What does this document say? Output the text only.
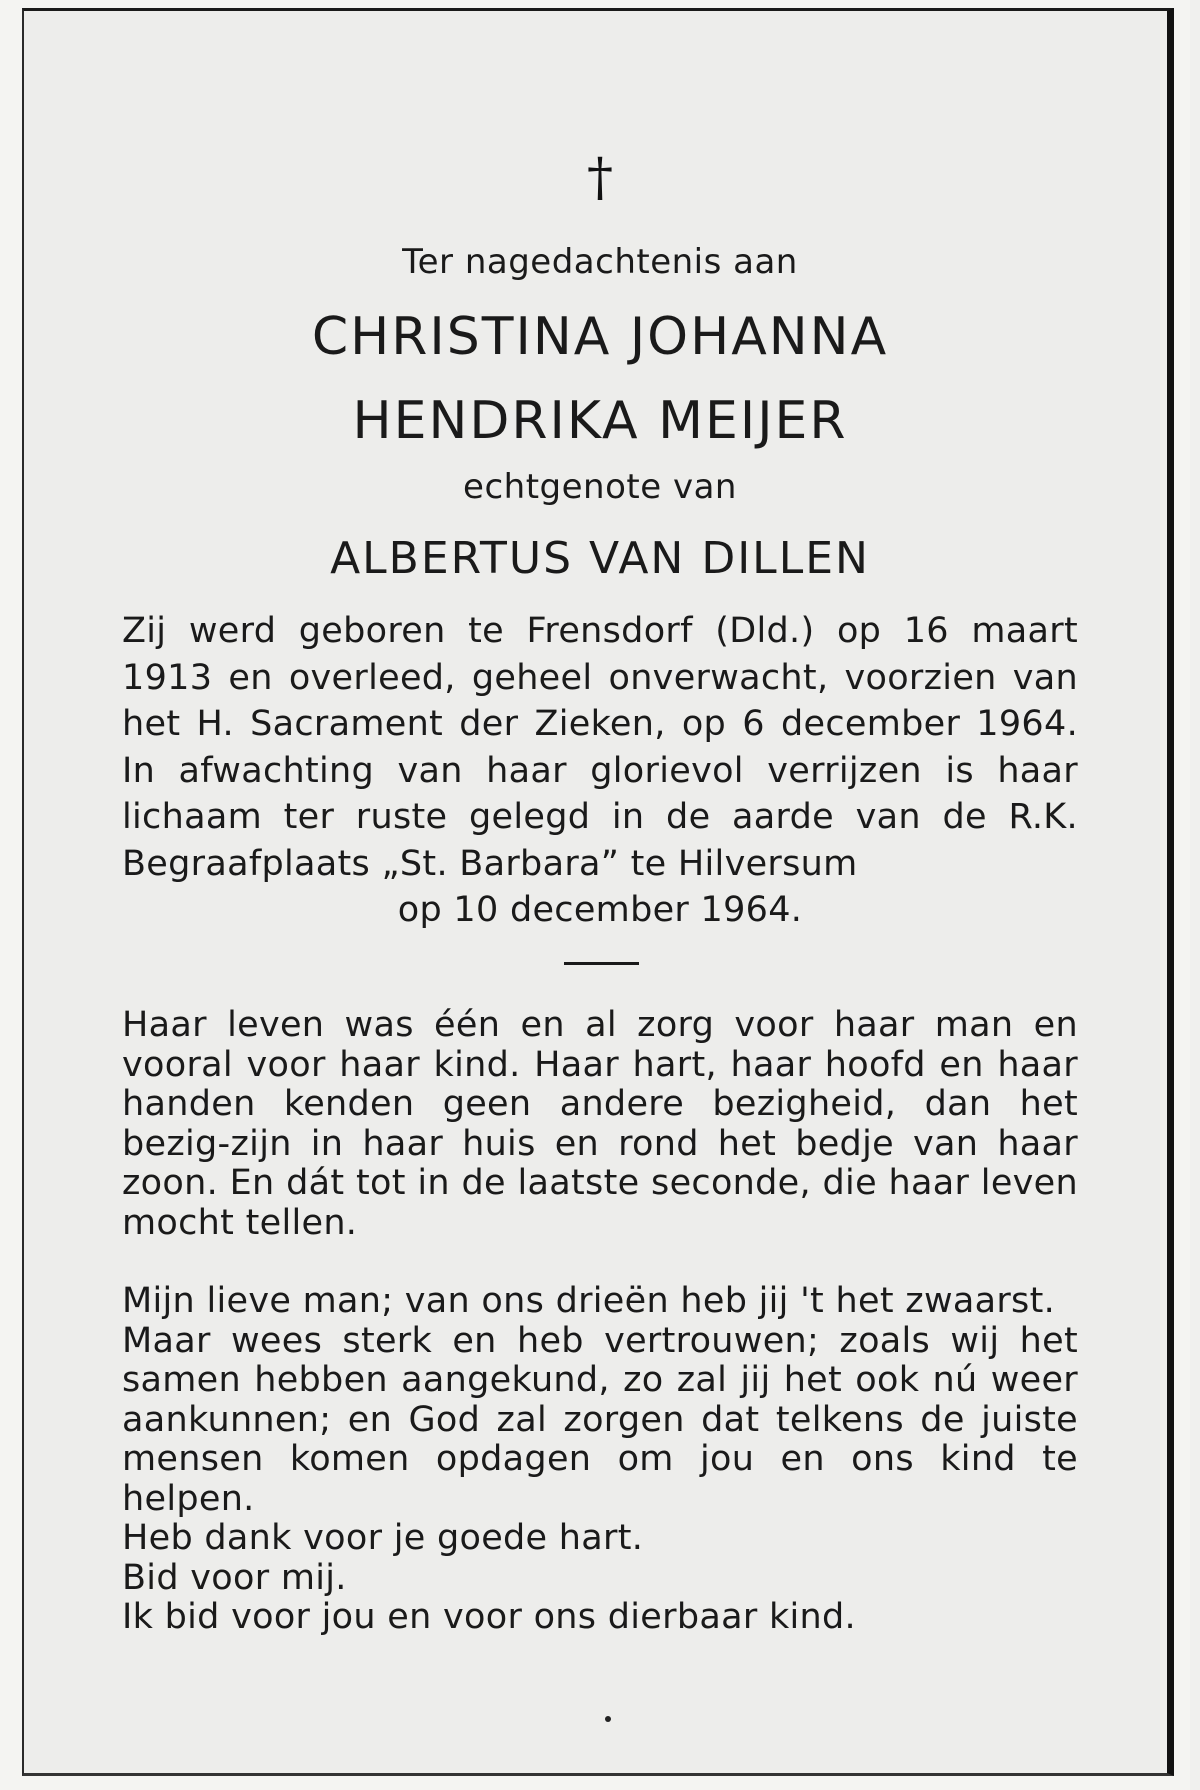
†
Ter nagedachtenis aan
CHRISTINA JOHANNA
HENDRIKA MEIJER
echtgenote van
ALBERTUS VAN DILLEN
Zij werd geboren te Frensdorf (Dld.) op 16 maart 1913 en overleed, geheel onverwacht, voorzien van het H. Sacrament der Zieken, op 6 december 1964. In afwachting van haar glorievol verrijzen is haar lichaam ter ruste gelegd in de aarde van de R.K. Begraafplaats „St. Barbara” te Hilversum
op 10 december 1964.
Haar leven was één en al zorg voor haar man en vooral voor haar kind. Haar hart, haar hoofd en haar handen kenden geen andere bezigheid, dan het bezig-zijn in haar huis en rond het bedje van haar zoon. En dát tot in de laatste seconde, die haar leven mocht tellen.
Mijn lieve man; van ons drieën heb jij 't het zwaarst.
Maar wees sterk en heb vertrouwen; zoals wij het samen hebben aangekund, zo zal jij het ook nú weer aankunnen; en God zal zorgen dat telkens de juiste mensen komen opdagen om jou en ons kind te helpen.
Heb dank voor je goede hart.
Bid voor mij.
Ik bid voor jou en voor ons dierbaar kind.
